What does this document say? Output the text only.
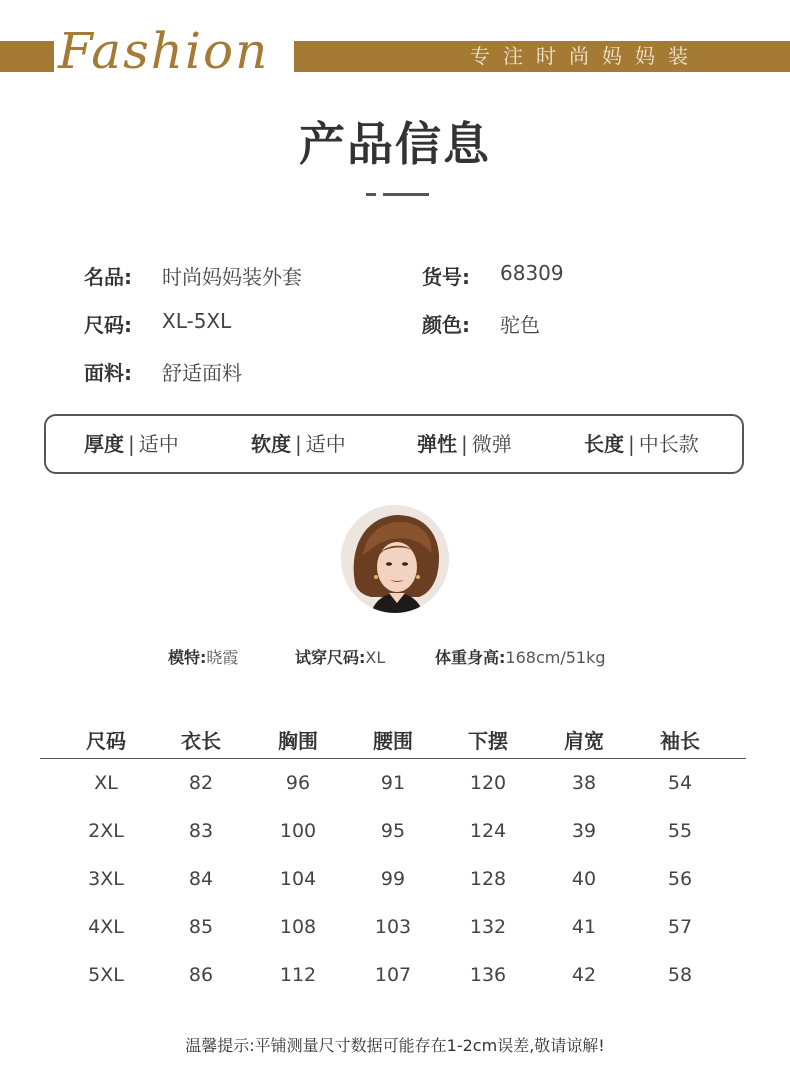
Fashion	专注时尚妈妈装
产品信息
名品: 时尚妈妈装外套	货号: 68309
尺码: XL-5XL	颜色: 驼色
面料: 舒适面料
厚度 | 适中	软度 | 适中	弹性 | 微弹	长度 | 中长款
模特:晓霞	试穿尺码:XL	体重身高:168cm/51kg
尺码	衣长	胸围	腰围	下摆	肩宽	袖长
XL	82	96	91	120	38	54
2XL	83	100	95	124	39	55
3XL	84	104	99	128	40	56
4XL	85	108	103	132	41	57
5XL	86	112	107	136	42	58
温馨提示:平铺测量尺寸数据可能存在1-2cm误差,敬请谅解!
